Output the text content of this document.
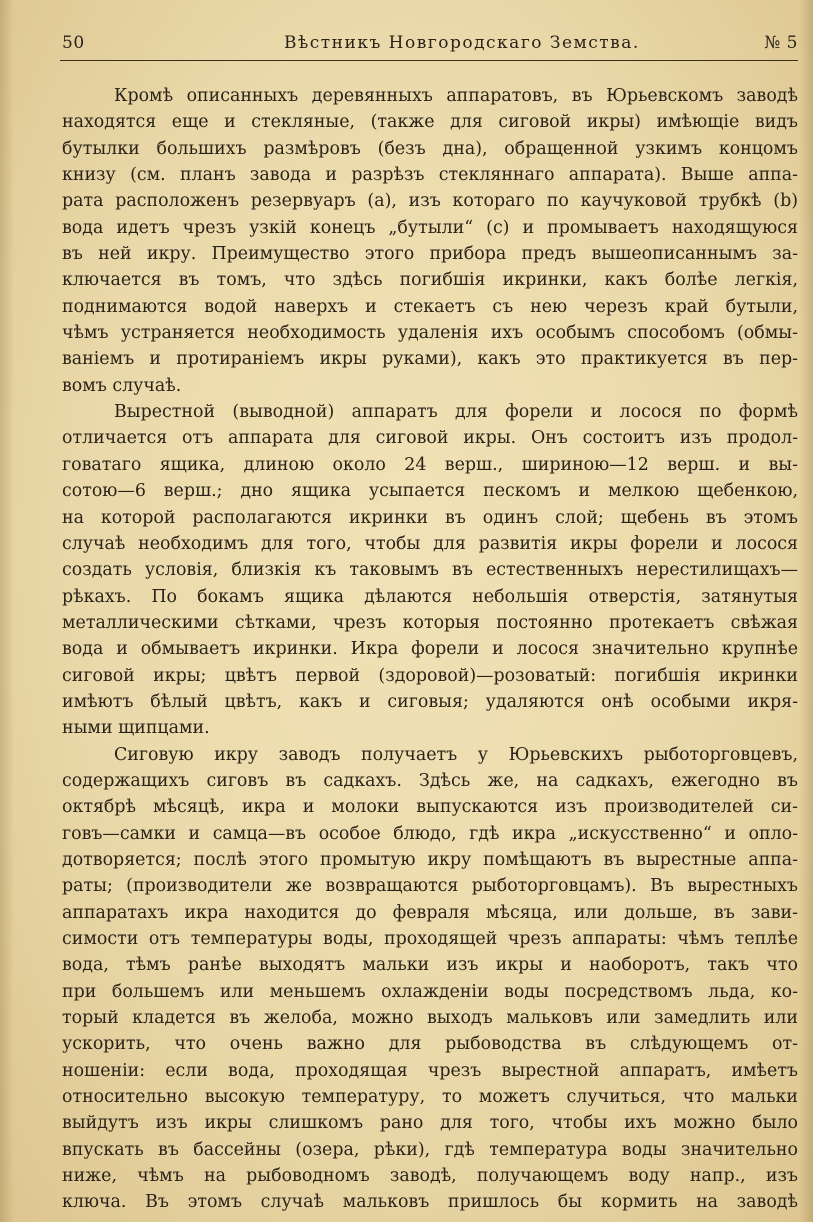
50	Вѣстникъ Новгородскаго Земства.	№ 5
Кромѣ описанныхъ деревянныхъ аппаратовъ, въ Юрьевскомъ заводѣ
находятся еще и стекляные, (также для сиговой икры) имѣющіе видъ
бутылки большихъ размѣровъ (безъ дна), обращенной узкимъ концомъ
книзу (см. планъ завода и разрѣзъ стекляннаго аппарата). Выше аппа-
рата расположенъ резервуаръ (а), изъ котораго по каучуковой трубкѣ (b)
вода идетъ чрезъ узкій конецъ „бутыли“ (с) и промываетъ находящуюся
въ ней икру. Преимущество этого прибора предъ вышеописаннымъ за-
ключается въ томъ, что здѣсь погибшія икринки, какъ болѣе легкія,
поднимаются водой наверхъ и стекаетъ съ нею черезъ край бутыли,
чѣмъ устраняется необходимость удаленія ихъ особымъ способомъ (обмы-
ваніемъ и протираніемъ икры руками), какъ это практикуется въ пер-
вомъ случаѣ.
Вырестной (выводной) аппаратъ для форели и лосося по формѣ
отличается отъ аппарата для сиговой икры. Онъ состоитъ изъ продол-
говатаго ящика, длиною около 24 верш., шириною—12 верш. и вы-
сотою—6 верш.; дно ящика усыпается пескомъ и мелкою щебенкою,
на которой располагаются икринки въ одинъ слой; щебень въ этомъ
случаѣ необходимъ для того, чтобы для развитія икры форели и лосося
создать условія, близкія къ таковымъ въ естественныхъ нерестилищахъ—
рѣкахъ. По бокамъ ящика дѣлаются небольшія отверстія, затянутыя
металлическими сѣтками, чрезъ которыя постоянно протекаетъ свѣжая
вода и обмываетъ икринки. Икра форели и лосося значительно крупнѣе
сиговой икры; цвѣтъ первой (здоровой)—розоватый: погибшія икринки
имѣютъ бѣлый цвѣтъ, какъ и сиговыя; удаляются онѣ особыми икря-
ными щипцами.
Сиговую икру заводъ получаетъ у Юрьевскихъ рыботорговцевъ,
содержащихъ сиговъ въ садкахъ. Здѣсь же, на садкахъ, ежегодно въ
октябрѣ мѣсяцѣ, икра и молоки выпускаются изъ производителей си-
говъ—самки и самца—въ особое блюдо, гдѣ икра „искусственно“ и опло-
дотворяется; послѣ этого промытую икру помѣщаютъ въ вырестные аппа-
раты; (производители же возвращаются рыботорговцамъ). Въ вырестныхъ
аппаратахъ икра находится до февраля мѣсяца, или дольше, въ зави-
симости отъ температуры воды, проходящей чрезъ аппараты: чѣмъ теплѣе
вода, тѣмъ ранѣе выходятъ мальки изъ икры и наоборотъ, такъ что
при большемъ или меньшемъ охлажденіи воды посредствомъ льда, ко-
торый кладется въ желоба, можно выходъ мальковъ или замедлить или
ускорить, что очень важно для рыбоводства въ слѣдующемъ от-
ношеніи: если вода, проходящая чрезъ вырестной аппаратъ, имѣетъ
относительно высокую температуру, то можетъ случиться, что мальки
выйдутъ изъ икры слишкомъ рано для того, чтобы ихъ можно было
впускать въ бассейны (озера, рѣки), гдѣ температура воды значительно
ниже, чѣмъ на рыбоводномъ заводѣ, получающемъ воду напр., изъ
ключа. Въ этомъ случаѣ мальковъ пришлось бы кормить на заводѣ
